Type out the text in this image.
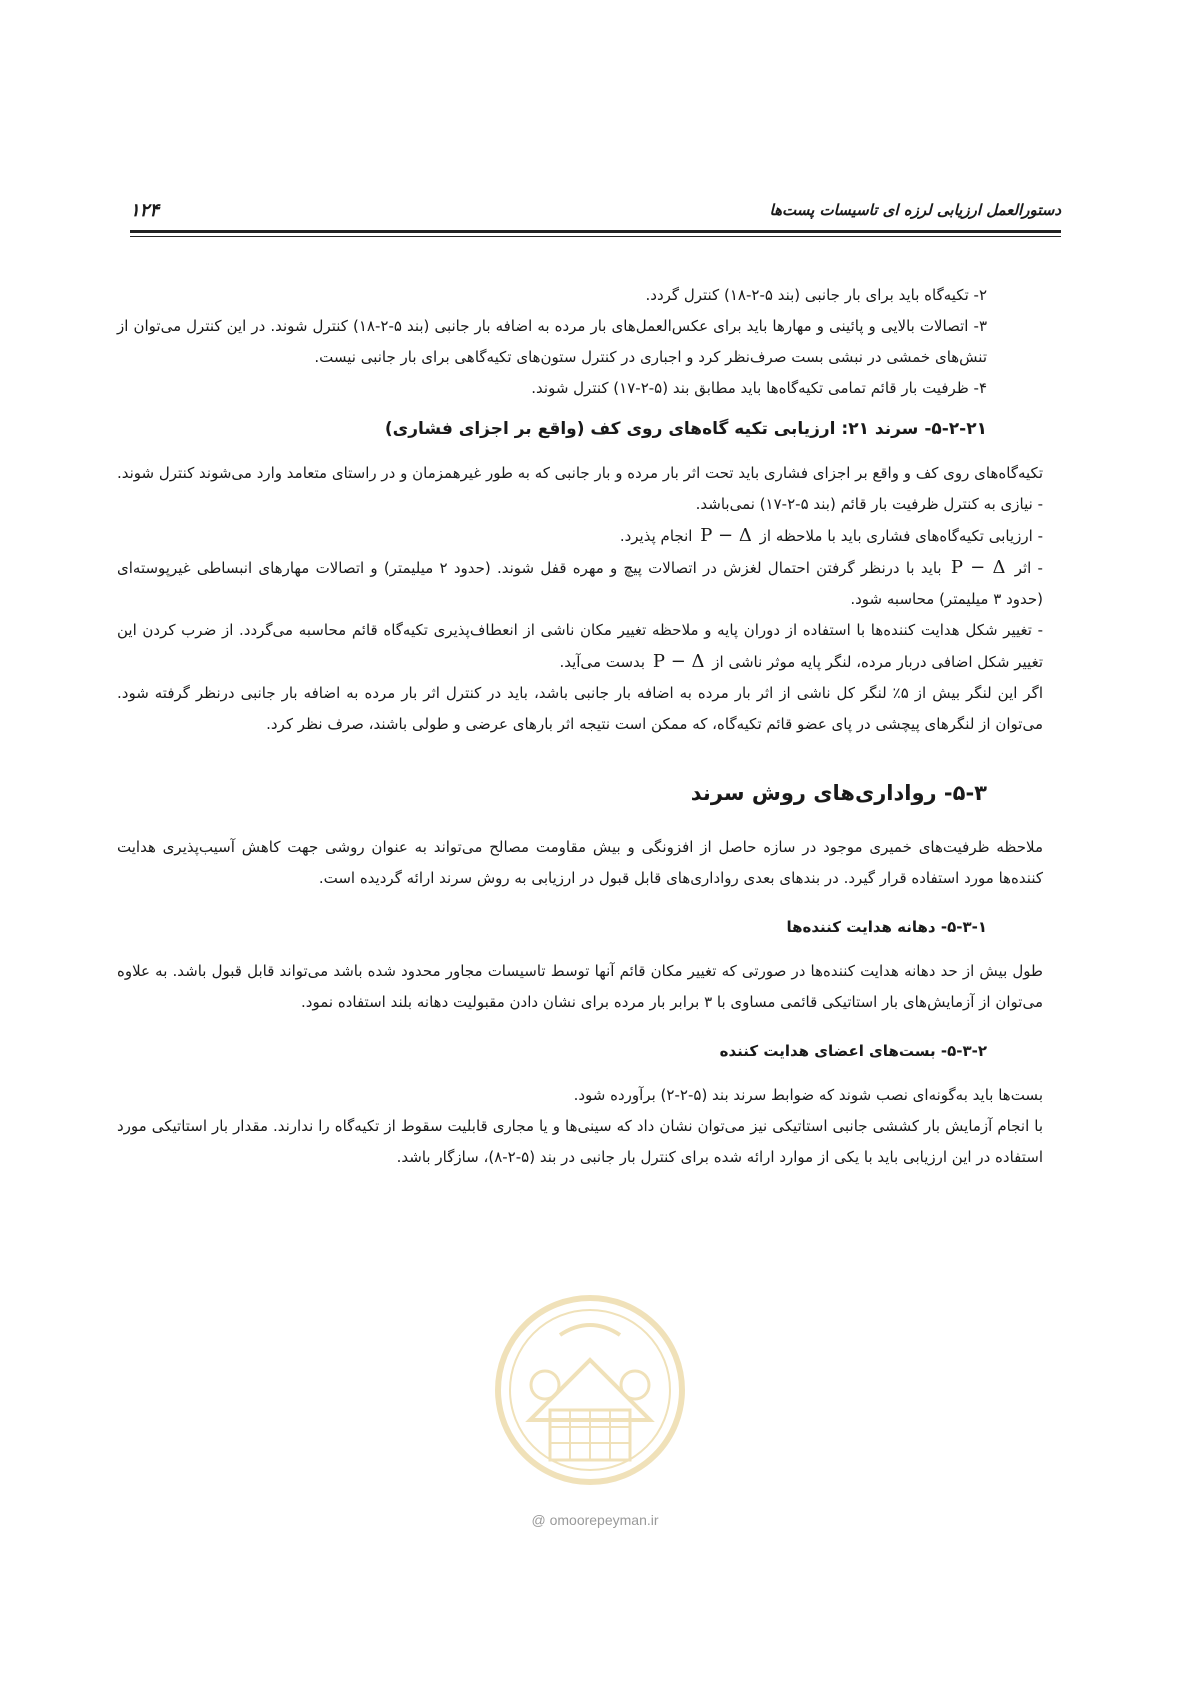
۱۲۴	دستورالعمل ارزیابی لرزه ای تاسیسات پست‌ها

۲- تکیه‌گاه باید برای بار جانبی (بند ۵-۲-۱۸) کنترل گردد.

۳- اتصالات بالایی و پائینی و مهارها باید برای عکس‌العمل‌های بار مرده به اضافه بار جانبی (بند ۵-۲-۱۸) کنترل شوند. در این کنترل می‌توان از تنش‌های خمشی در نبشی بست صرف‌نظر کرد و اجباری در کنترل ستون‌های تکیه‌گاهی برای بار جانبی نیست.

۴- ظرفیت بار قائم تمامی تکیه‌گاه‌ها باید مطابق بند (۵-۲-۱۷) کنترل شوند.

۵-۲-۲۱- سرند ۲۱: ارزیابی تکیه گاه‌های روی کف (واقع بر اجزای فشاری)

تکیه‌گاه‌های روی کف و واقع بر اجزای فشاری باید تحت اثر بار مرده و بار جانبی که به طور غیرهمزمان و در راستای متعامد وارد می‌شوند کنترل شوند.

- نیازی به کنترل ظرفیت بار قائم (بند ۵-۲-۱۷) نمی‌باشد.

- ارزیابی تکیه‌گاه‌های فشاری باید با ملاحظه از P − Δ انجام پذیرد.

- اثر P − Δ باید با درنظر گرفتن احتمال لغزش در اتصالات پیچ و مهره قفل شوند. (حدود ۲ میلیمتر) و اتصالات مهارهای انبساطی غیرپوسته‌ای (حدود ۳ میلیمتر) محاسبه شود.

- تغییر شکل هدایت کننده‌ها با استفاده از دوران پایه و ملاحظه تغییر مکان ناشی از انعطاف‌پذیری تکیه‌گاه قائم محاسبه می‌گردد. از ضرب کردن این تغییر شکل اضافی دربار مرده، لنگر پایه موثر ناشی از P − Δ بدست می‌آید.

اگر این لنگر بیش از ۵٪ لنگر کل ناشی از اثر بار مرده به اضافه بار جانبی باشد، باید در کنترل اثر بار مرده به اضافه بار جانبی درنظر گرفته شود. می‌توان از لنگرهای پیچشی در پای عضو قائم تکیه‌گاه، که ممکن است نتیجه اثر بارهای عرضی و طولی باشند، صرف نظر کرد.

۵-۳- رواداری‌های روش سرند

ملاحظه ظرفیت‌های خمیری موجود در سازه حاصل از افزونگی و بیش مقاومت مصالح می‌تواند به عنوان روشی جهت کاهش آسیب‌پذیری هدایت کننده‌ها مورد استفاده قرار گیرد. در بندهای بعدی رواداری‌های قابل قبول در ارزیابی به روش سرند ارائه گردیده است.

۵-۳-۱- دهانه هدایت کننده‌ها

طول بیش از حد دهانه هدایت کننده‌ها در صورتی که تغییر مکان قائم آنها توسط تاسیسات مجاور محدود شده باشد می‌تواند قابل قبول باشد. به علاوه می‌توان از آزمایش‌های بار استاتیکی قائمی مساوی با ۳ برابر بار مرده برای نشان دادن مقبولیت دهانه بلند استفاده نمود.

۵-۳-۲- بست‌های اعضای هدایت کننده

بست‌ها باید به‌گونه‌ای نصب شوند که ضوابط سرند بند (۵-۲-۲) برآورده شود.

با انجام آزمایش بار کششی جانبی استاتیکی نیز می‌توان نشان داد که سینی‌ها و یا مجاری قابلیت سقوط از تکیه‌گاه را ندارند. مقدار بار استاتیکی مورد استفاده در این ارزیابی باید با یکی از موارد ارائه شده برای کنترل بار جانبی در بند (۵-۲-۸)، سازگار باشد.

@ omoorepeyman.ir
